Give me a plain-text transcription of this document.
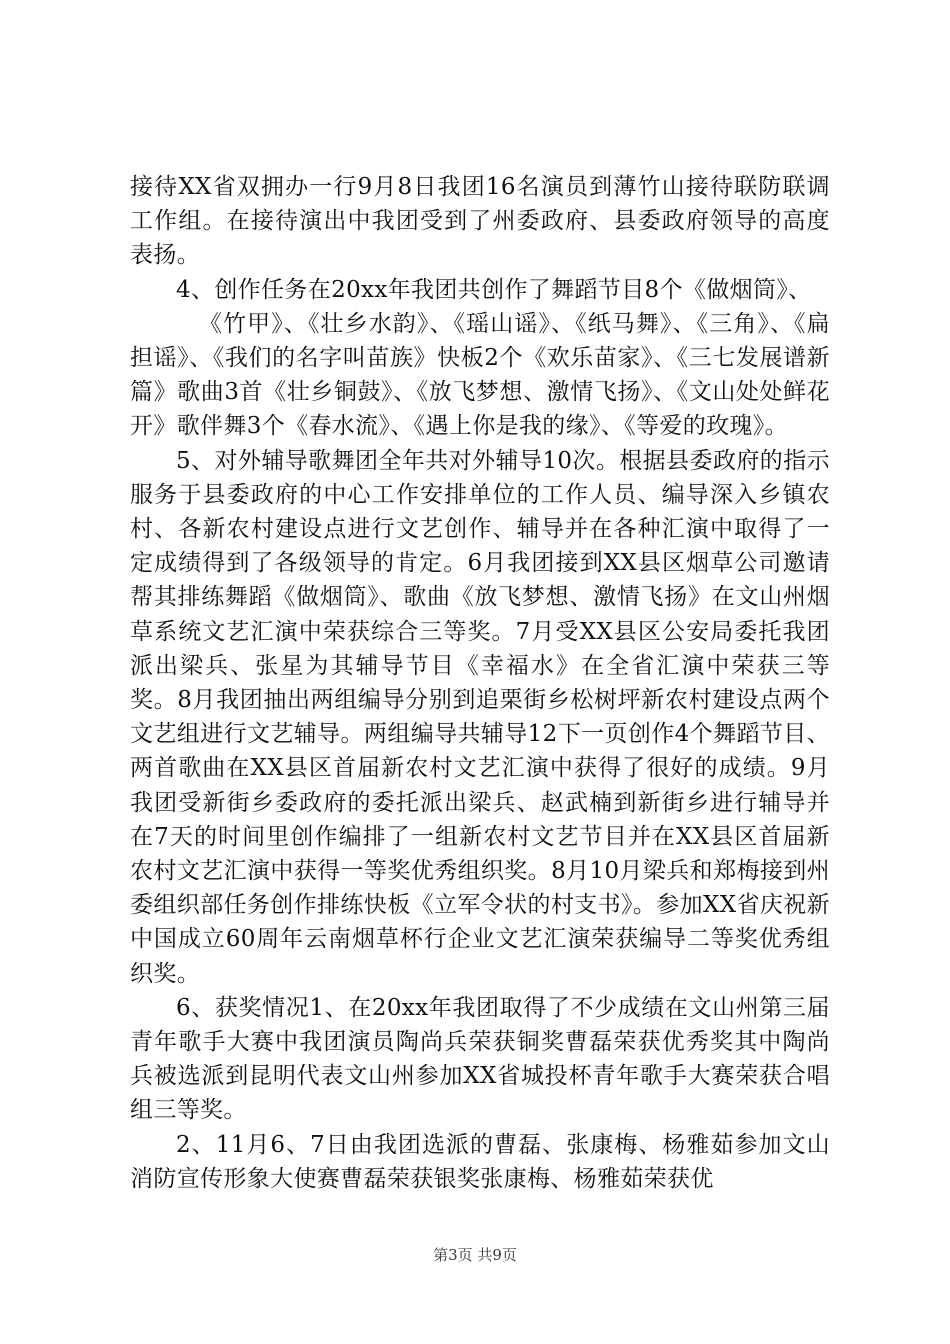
接待XX省双拥办一行9月8日我团16名演员到薄竹山接待联防联调工作组。在接待演出中我团受到了州委政府、县委政府领导的高度表扬。

4、创作任务在20xx年我团共创作了舞蹈节目8个《做烟筒》、

《竹甲》、《壮乡水韵》、《瑶山谣》、《纸马舞》、《三角》、《扁担谣》、《我们的名字叫苗族》快板2个《欢乐苗家》、《三七发展谱新篇》歌曲3首《壮乡铜鼓》、《放飞梦想、激情飞扬》、《文山处处鲜花开》歌伴舞3个《春水流》、《遇上你是我的缘》、《等爱的玫瑰》。

5、对外辅导歌舞团全年共对外辅导10次。根据县委政府的指示服务于县委政府的中心工作安排单位的工作人员、编导深入乡镇农村、各新农村建设点进行文艺创作、辅导并在各种汇演中取得了一定成绩得到了各级领导的肯定。6月我团接到XX县区烟草公司邀请帮其排练舞蹈《做烟筒》、歌曲《放飞梦想、激情飞扬》在文山州烟草系统文艺汇演中荣获综合三等奖。7月受XX县区公安局委托我团派出梁兵、张星为其辅导节目《幸福水》在全省汇演中荣获三等奖。8月我团抽出两组编导分别到追栗街乡松树坪新农村建设点两个文艺组进行文艺辅导。两组编导共辅导12下一页创作4个舞蹈节目、两首歌曲在XX县区首届新农村文艺汇演中获得了很好的成绩。9月我团受新街乡委政府的委托派出梁兵、赵武楠到新街乡进行辅导并在7天的时间里创作编排了一组新农村文艺节目并在XX县区首届新农村文艺汇演中获得一等奖优秀组织奖。8月10月梁兵和郑梅接到州委组织部任务创作排练快板《立军令状的村支书》。参加XX省庆祝新中国成立60周年云南烟草杯行企业文艺汇演荣获编导二等奖优秀组织奖。

6、获奖情况1、在20xx年我团取得了不少成绩在文山州第三届青年歌手大赛中我团演员陶尚兵荣获铜奖曹磊荣获优秀奖其中陶尚兵被选派到昆明代表文山州参加XX省城投杯青年歌手大赛荣获合唱组三等奖。

2、11月6、7日由我团选派的曹磊、张康梅、杨雅茹参加文山消防宣传形象大使赛曹磊荣获银奖张康梅、杨雅茹荣获优

第3页 共9页
